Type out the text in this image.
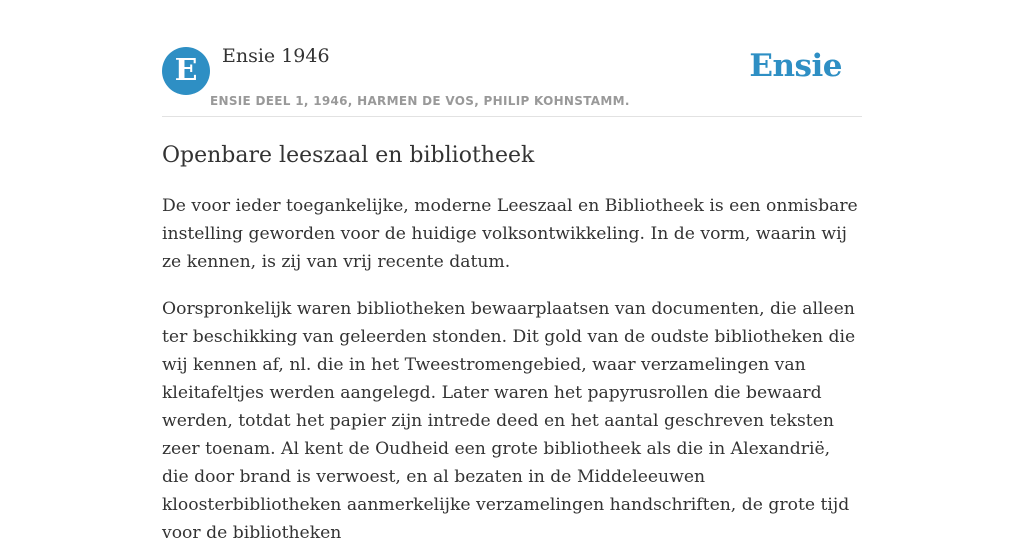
E	Ensie 1946
ENSIE DEEL 1, 1946, HARMEN DE VOS, PHILIP KOHNSTAMM.
Ensie
Openbare leeszaal en bibliotheek

De voor ieder toegankelijke, moderne Leeszaal en Bibliotheek is een onmisbare instelling geworden voor de huidige volksontwikkeling. In de vorm, waarin wij ze kennen, is zij van vrij recente datum.

Oorspronkelijk waren bibliotheken bewaarplaatsen van documenten, die alleen ter beschikking van geleerden stonden. Dit gold van de oudste bibliotheken die wij kennen af, nl. die in het Tweestromengebied, waar verzamelingen van kleitafeltjes werden aangelegd. Later waren het papyrusrollen die bewaard werden, totdat het papier zijn intrede deed en het aantal geschreven teksten zeer toenam. Al kent de Oudheid een grote bibliotheek als die in Alexandrië, die door brand is verwoest, en al bezaten in de Middeleeuwen kloosterbibliotheken aanmerkelijke verzamelingen handschriften, de grote tijd voor de bibliotheken
